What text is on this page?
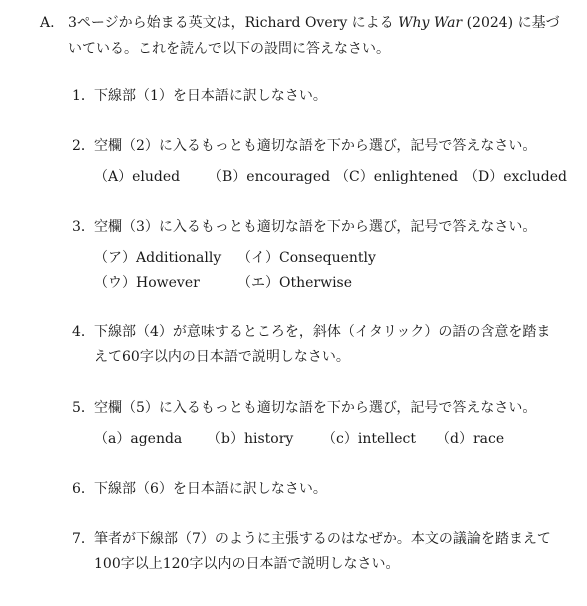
A. 3ページから始まる英文は，Richard Overy による Why War (2024) に基づ
いている。これを読んで以下の設問に答えなさい。
1． 下線部（1）を日本語に訳しなさい。
2． 空欄（2）に入るもっとも適切な語を下から選び，記号で答えなさい。
（A）eluded （B）encouraged （C）enlightened （D）excluded
3． 空欄（3）に入るもっとも適切な語を下から選び，記号で答えなさい。
（ア）Additionally （イ）Consequently
（ウ）However	（エ）Otherwise
4． 下線部（4）が意味するところを，斜体（イタリック）の語の含意を踏ま
えて60字以内の日本語で説明しなさい。
5． 空欄（5）に入るもっとも適切な語を下から選び，記号で答えなさい。
（a）agenda （b）history （c）intellect （d）race
6． 下線部（6）を日本語に訳しなさい。
7． 筆者が下線部（7）のように主張するのはなぜか。本文の議論を踏まえて
100字以上120字以内の日本語で説明しなさい。
